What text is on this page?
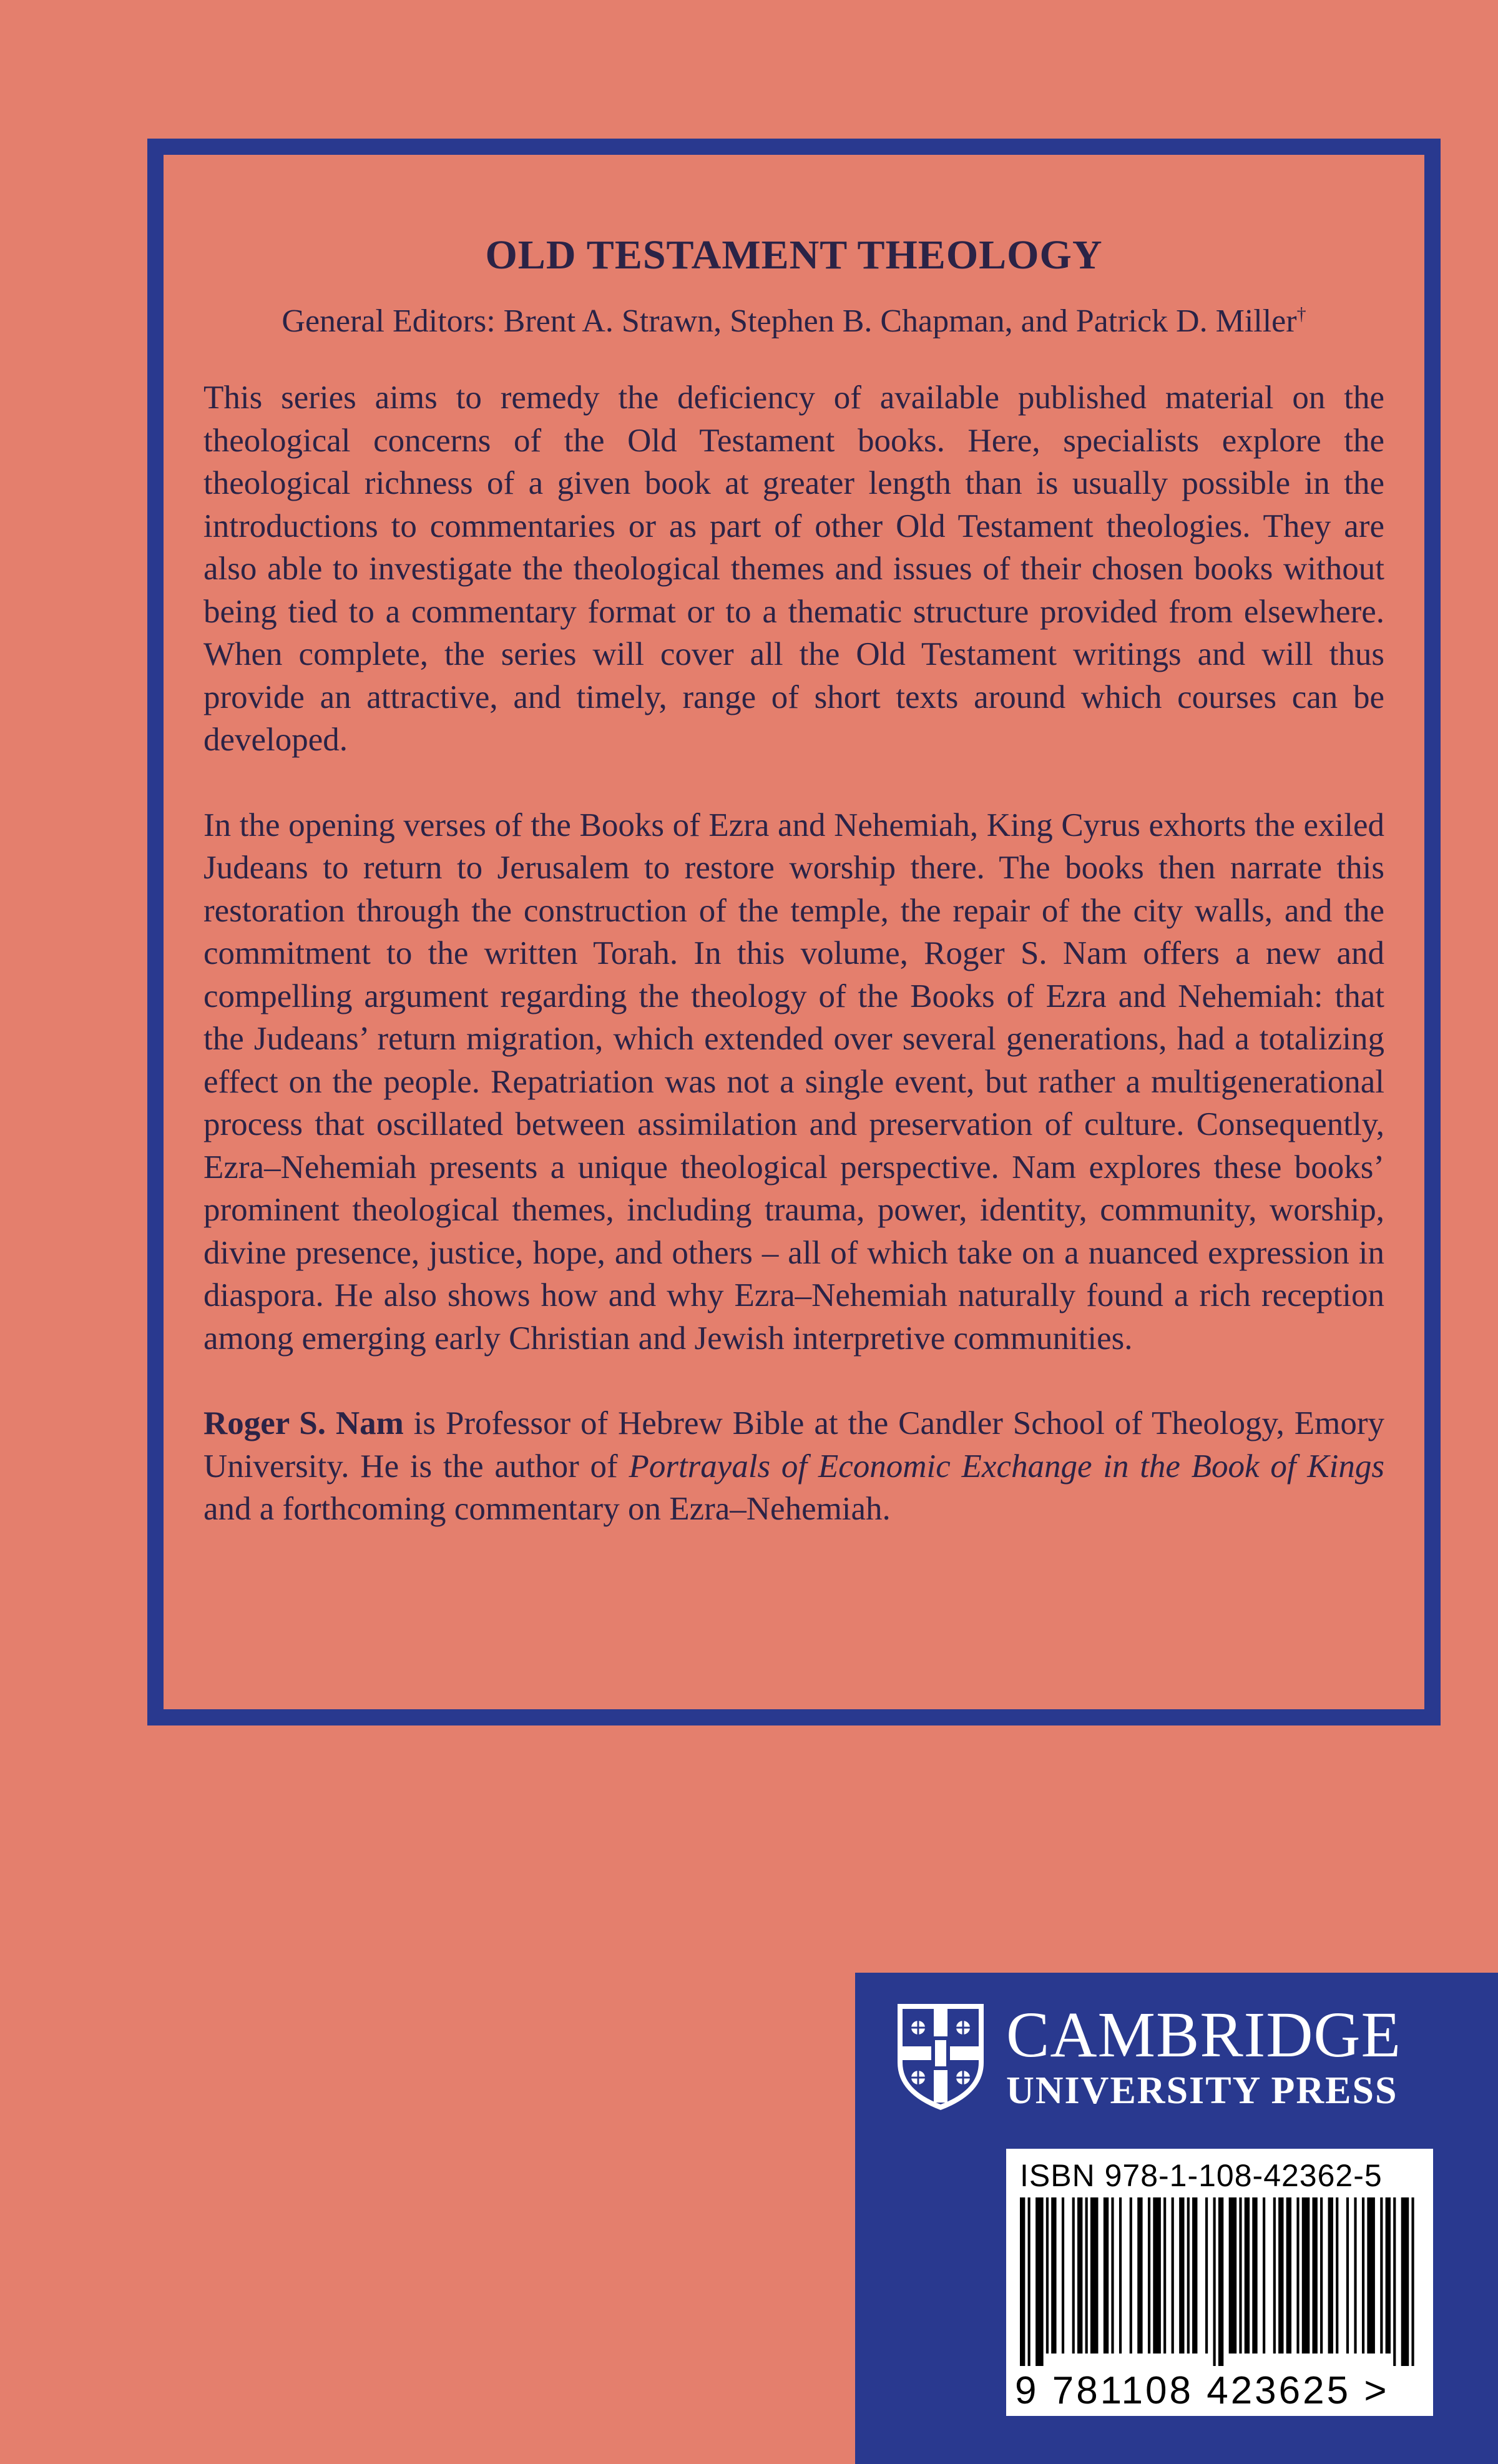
OLD TESTAMENT THEOLOGY
General Editors: Brent A. Strawn, Stephen B. Chapman, and Patrick D. Miller†

This series aims to remedy the deficiency of available published material on the theological concerns of the Old Testament books. Here, specialists explore the theological richness of a given book at greater length than is usually possible in the introductions to commentaries or as part of other Old Testament theologies. They are also able to investigate the theological themes and issues of their chosen books without being tied to a commentary format or to a thematic structure provided from elsewhere. When complete, the series will cover all the Old Testament writings and will thus provide an attractive, and timely, range of short texts around which courses can be developed.

In the opening verses of the Books of Ezra and Nehemiah, King Cyrus exhorts the exiled Judeans to return to Jerusalem to restore worship there. The books then narrate this restoration through the construction of the temple, the repair of the city walls, and the commitment to the written Torah. In this volume, Roger S. Nam offers a new and compelling argument regarding the theology of the Books of Ezra and Nehemiah: that the Judeans’ return migration, which extended over several generations, had a totalizing effect on the people. Repatriation was not a single event, but rather a multigenerational process that oscillated between assimilation and preservation of culture. Consequently, Ezra–Nehemiah presents a unique theological perspective. Nam explores these books’ prominent theological themes, including trauma, power, identity, community, worship, divine presence, justice, hope, and others – all of which take on a nuanced expression in diaspora. He also shows how and why Ezra–Nehemiah naturally found a rich reception among emerging early Christian and Jewish interpretive communities.

Roger S. Nam is Professor of Hebrew Bible at the Candler School of Theology, Emory University. He is the author of Portrayals of Economic Exchange in the Book of Kings and a forthcoming commentary on Ezra–Nehemiah.

CAMBRIDGE
UNIVERSITY PRESS
ISBN 978-1-108-42362-5
9 781108 423625 >
